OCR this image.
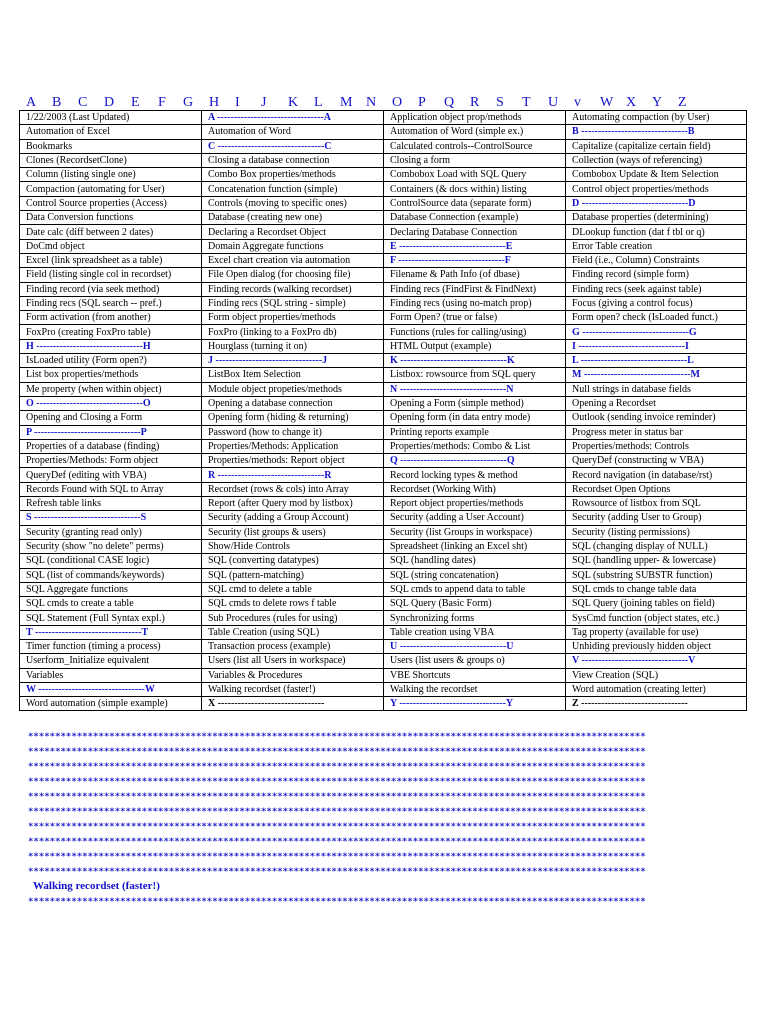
A B C D E F G H I J K L M N O P Q R S T U v W X Y Z
1/22/2003 (Last Updated)	A --------------------------------A	Application object prop/methods	Automating compaction (by User)
Automation of Excel	Automation of Word	Automation of Word (simple ex.)	B --------------------------------B
Bookmarks	C --------------------------------C	Calculated controls--ControlSource	Capitalize (capitalize certain field)
Clones (RecordsetClone)	Closing a database connection	Closing a form	Collection (ways of referencing)
Column (listing single one)	Combo Box properties/methods	Combobox Load with SQL Query	Combobox Update & Item Selection
Compaction (automating for User)	Concatenation function (simple)	Containers (& docs within) listing	Control object properties/methods
Control Source properties (Access)	Controls (moving to specific ones)	ControlSource data (separate form)	D --------------------------------D
Data Conversion functions	Database (creating new one)	Database Connection (example)	Database properties (determining)
Date calc (diff between 2 dates)	Declaring a Recordset Object	Declaring Database Connection	DLookup function (dat f tbl or q)
DoCmd object	Domain Aggregate functions	E --------------------------------E	Error Table creation
Excel (link spreadsheet as a table)	Excel chart creation via automation	F --------------------------------F	Field (i.e., Column) Constraints
Field (listing single col in recordset)	File Open dialog (for choosing file)	Filename & Path Info (of dbase)	Finding record (simple form)
Finding record (via seek method)	Finding records (walking recordset)	Finding recs (FindFirst & FindNext)	Finding recs (seek against table)
Finding recs (SQL search -- pref.)	Finding recs (SQL string - simple)	Finding recs (using no-match prop)	Focus (giving a control focus)
Form activation (from another)	Form object properties/methods	Form Open? (true or false)	Form open? check (IsLoaded funct.)
FoxPro (creating FoxPro table)	FoxPro (linking to a FoxPro db)	Functions (rules for calling/using)	G --------------------------------G
H --------------------------------H	Hourglass (turning it on)	HTML Output (example)	I --------------------------------I
IsLoaded utility (Form open?)	J --------------------------------J	K --------------------------------K	L --------------------------------L
List box properties/methods	ListBox Item Selection	Listbox: rowsource from SQL query	M --------------------------------M
Me property (when within object)	Module object propeties/methods	N --------------------------------N	Null strings in database fields
O --------------------------------O	Opening a database connection	Opening a Form (simple method)	Opening a Recordset
Opening and Closing a Form	Opening form (hiding & returning)	Opening form (in data entry mode)	Outlook (sending invoice reminder)
P --------------------------------P	Password (how to change it)	Printing reports example	Progress meter in status bar
Properties of a database (finding)	Properties/Methods: Application	Properties/methods: Combo & List	Properties/methods: Controls
Properties/Methods: Form object	Properties/methods: Report object	Q --------------------------------Q	QueryDef (constructing w VBA)
QueryDef (editing with VBA)	R --------------------------------R	Record locking types & method	Record navigation (in database/rst)
Records Found with SQL to Array	Recordset (rows & cols) into Array	Recordset (Working With)	Recordset Open Options
Refresh table links	Report (after Query mod by listbox)	Report object properties/methods	Rowsource of listbox from SQL
S --------------------------------S	Security (adding a Group Account)	Security (adding a User Account)	Security (adding User to Group)
Security (granting read only)	Security (list groups & users)	Security (list Groups in workspace)	Security (listing permissions)
Security (show "no delete" perms)	Show/Hide Controls	Spreadsheet (linking an Excel sht)	SQL (changing display of NULL)
SQL (conditional CASE logic)	SQL (converting datatypes)	SQL (handling dates)	SQL (handling upper- & lowercase)
SQL (list of commands/keywords)	SQL (pattern-matching)	SQL (string concatenation)	SQL (substring SUBSTR function)
SQL Aggregate functions	SQL cmd to delete a table	SQL cmds to append data to table	SQL cmds to change table data
SQL cmds to create a table	SQL cmds to delete rows f table	SQL Query (Basic Form)	SQL Query (joining tables on field)
SQL Statement (Full Syntax expl.)	Sub Procedures (rules for using)	Synchronizing forms	SysCmd function (object states, etc.)
T --------------------------------T	Table Creation (using SQL)	Table creation using VBA	Tag property (available for use)
Timer function (timing a process)	Transaction process (example)	U --------------------------------U	Unhiding previously hidden object
Userform_Initialize equivalent	Users (list all Users in workspace)	Users (list users & groups o)	V --------------------------------V
Variables	Variables & Procedures	VBE Shortcuts	View Creation (SQL)
W --------------------------------W	Walking recordset (faster!)	Walking the recordset	Word automation (creating letter)
Word automation (simple example)	X --------------------------------	Y --------------------------------Y	Z --------------------------------
******************************************************************************************************************
******************************************************************************************************************
******************************************************************************************************************
******************************************************************************************************************
******************************************************************************************************************
******************************************************************************************************************
******************************************************************************************************************
******************************************************************************************************************
******************************************************************************************************************
******************************************************************************************************************
******************************************************************************************************************
Walking recordset (faster!)
